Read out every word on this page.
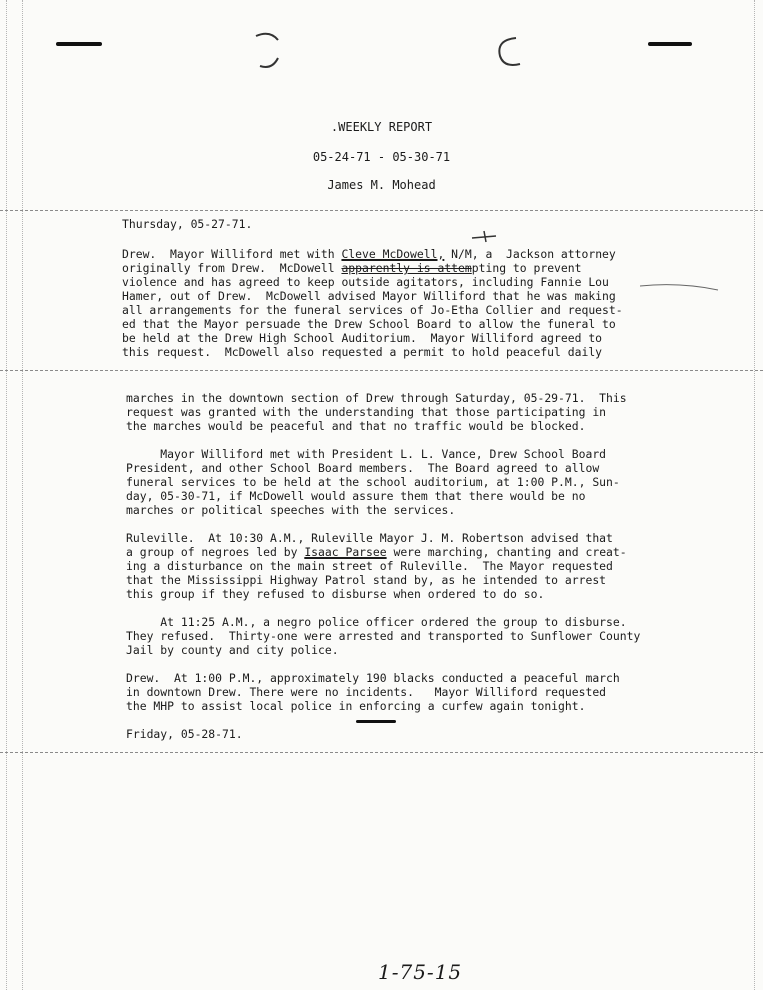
.WEEKLY REPORT
05-24-71 - 05-30-71
James M. Mohead
Thursday, 05-27-71.
Drew.  Mayor Williford met with Cleve McDowell, N/M, a  Jackson attorney
originally from Drew.  McDowell apparently is attempting to prevent
violence and has agreed to keep outside agitators, including Fannie Lou
Hamer, out of Drew.  McDowell advised Mayor Williford that he was making
all arrangements for the funeral services of Jo-Etha Collier and request-
ed that the Mayor persuade the Drew School Board to allow the funeral to
be held at the Drew High School Auditorium.  Mayor Williford agreed to
this request.  McDowell also requested a permit to hold peaceful daily
marches in the downtown section of Drew through Saturday, 05-29-71.  This
request was granted with the understanding that those participating in
the marches would be peaceful and that no traffic would be blocked.
Mayor Williford met with President L. L. Vance, Drew School Board
President, and other School Board members.  The Board agreed to allow
funeral services to be held at the school auditorium, at 1:00 P.M., Sun-
day, 05-30-71, if McDowell would assure them that there would be no
marches or political speeches with the services.
Ruleville.  At 10:30 A.M., Ruleville Mayor J. M. Robertson advised that
a group of negroes led by Isaac Parsee were marching, chanting and creat-
ing a disturbance on the main street of Ruleville.  The Mayor requested
that the Mississippi Highway Patrol stand by, as he intended to arrest
this group if they refused to disburse when ordered to do so.
At 11:25 A.M., a negro police officer ordered the group to disburse.
They refused.  Thirty-one were arrested and transported to Sunflower County
Jail by county and city police.
Drew.  At 1:00 P.M., approximately 190 blacks conducted a peaceful march
in downtown Drew. There were no incidents.   Mayor Williford requested
the MHP to assist local police in enforcing a curfew again tonight.
Friday, 05-28-71.
1-75-15
